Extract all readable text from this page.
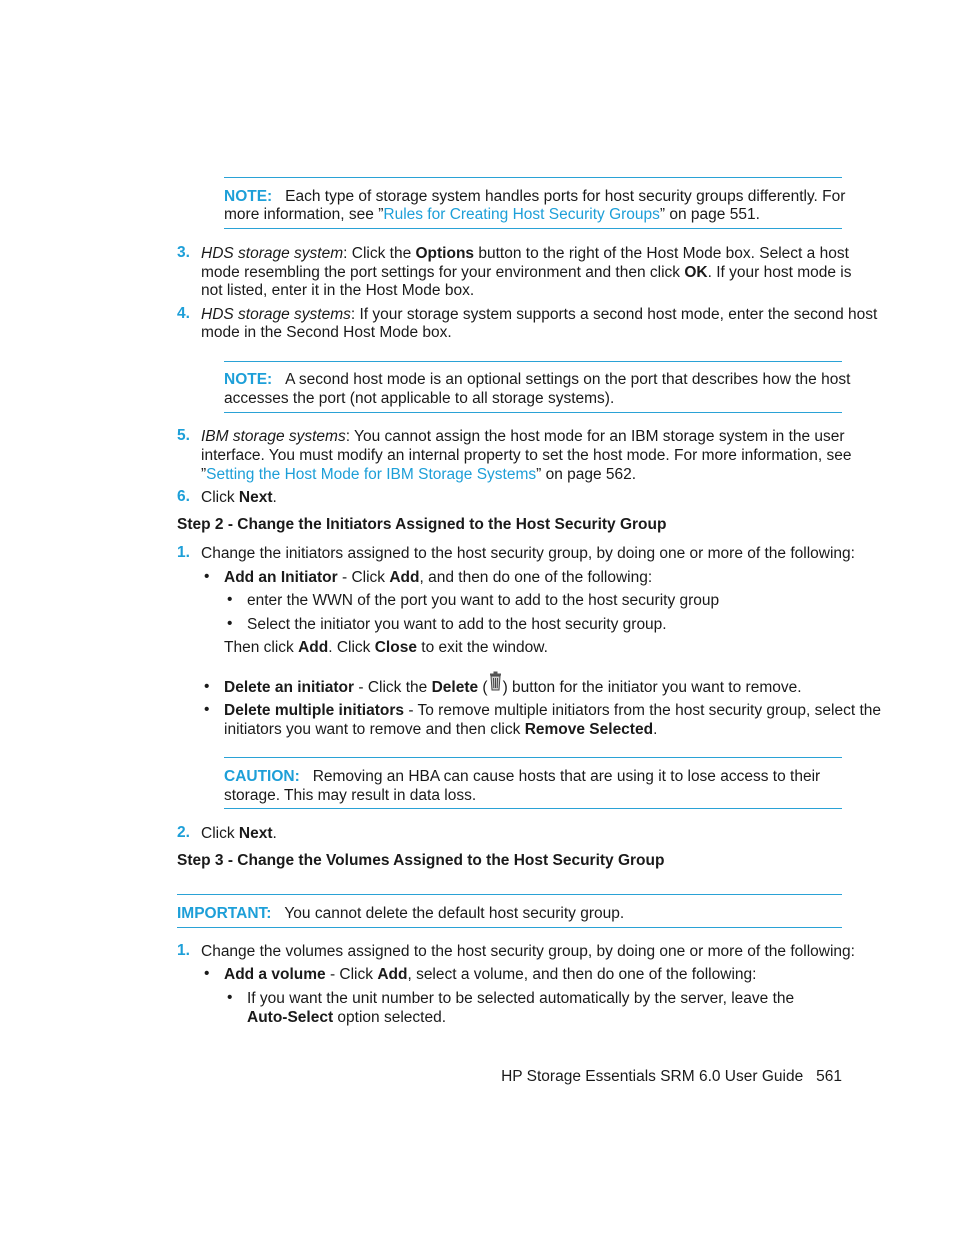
NOTE: Each type of storage system handles ports for host security groups differently. For
more information, see ”Rules for Creating Host Security Groups” on page 551.
3. HDS storage system: Click the Options button to the right of the Host Mode box. Select a host
mode resembling the port settings for your environment and then click OK. If your host mode is
not listed, enter it in the Host Mode box.
4. HDS storage systems: If your storage system supports a second host mode, enter the second host
mode in the Second Host Mode box.
NOTE: A second host mode is an optional settings on the port that describes how the host
accesses the port (not applicable to all storage systems).
5. IBM storage systems: You cannot assign the host mode for an IBM storage system in the user
interface. You must modify an internal property to set the host mode. For more information, see
”Setting the Host Mode for IBM Storage Systems” on page 562.
6. Click Next.
Step 2 - Change the Initiators Assigned to the Host Security Group
1. Change the initiators assigned to the host security group, by doing one or more of the following:
• Add an Initiator - Click Add, and then do one of the following:
• enter the WWN of the port you want to add to the host security group
• Select the initiator you want to add to the host security group.
Then click Add. Click Close to exit the window.
• Delete an initiator - Click the Delete ( ) button for the initiator you want to remove.
• Delete multiple initiators - To remove multiple initiators from the host security group, select the
initiators you want to remove and then click Remove Selected.
CAUTION: Removing an HBA can cause hosts that are using it to lose access to their
storage. This may result in data loss.
2. Click Next.
Step 3 - Change the Volumes Assigned to the Host Security Group
IMPORTANT: You cannot delete the default host security group.
1. Change the volumes assigned to the host security group, by doing one or more of the following:
• Add a volume - Click Add, select a volume, and then do one of the following:
• If you want the unit number to be selected automatically by the server, leave the
Auto-Select option selected.
HP Storage Essentials SRM 6.0 User Guide 561
